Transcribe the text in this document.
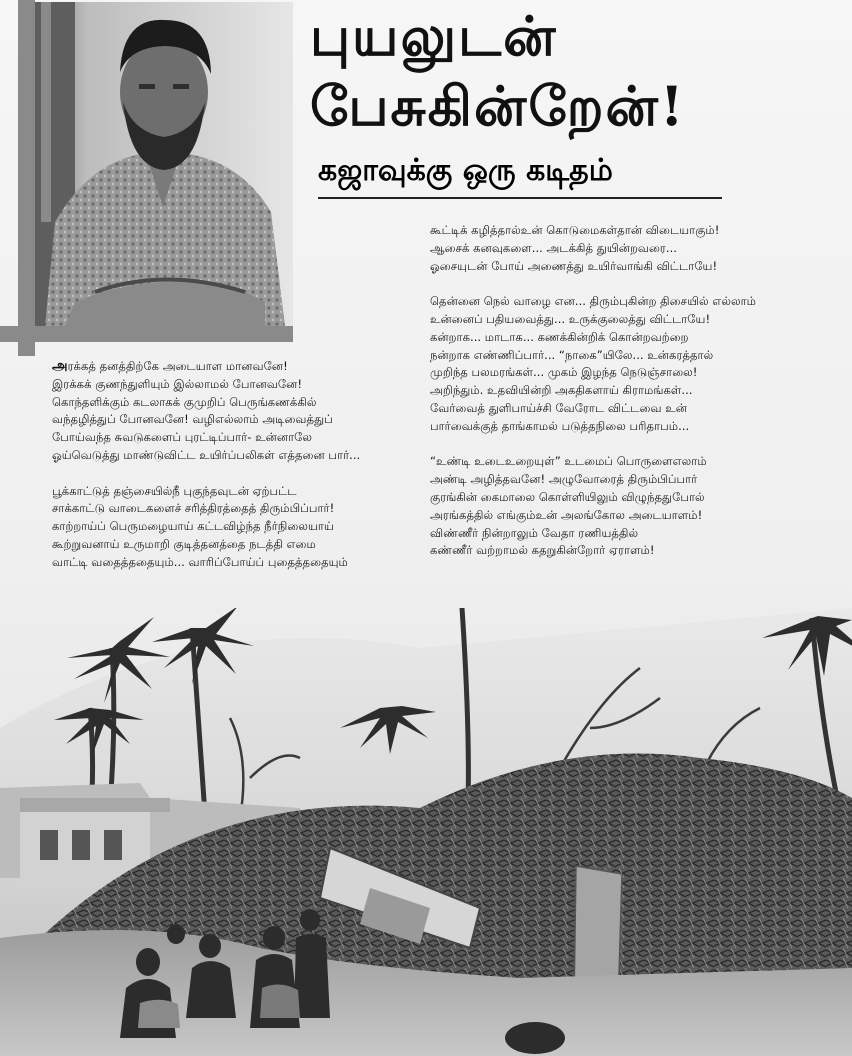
புயலுடன்
பேசுகின்றேன்!
கஜாவுக்கு ஒரு கடிதம்

அரக்கத் தனத்திற்கே அடையாள மானவனே!

இரக்கக் குணந்துளியும் இல்லாமல் போனவனே!

கொந்தளிக்கும் கடலாகக் குமுறிப் பெருங்கணக்கில்

வந்தழித்துப் போனவனே! வழிஎல்லாம் அடிவைத்துப்

போய்வந்த சுவடுகளைப் புரட்டிப்பார்- உன்னாலே

ஓய்வெடுத்து மாண்டுவிட்ட உயிர்ப்பலிகள் எத்தனை பார்...

பூக்காட்டுத் தஞ்சையில்நீ புகுந்தவுடன் ஏற்பட்ட

சாக்காட்டு வாடைகளைச் சரித்திரத்தைத் திரும்பிப்பார்!

காற்றாய்ப் பெருமழையாய் கட்டவிழ்ந்த நீர்நிலையாய்

கூற்றுவனாய் உருமாறி குடித்தனத்தை நடத்தி எமை

வாட்டி வதைத்ததையும்... வாரிப்போய்ப் புதைத்ததையும்

கூட்டிக் கழித்தால்உன் கொடுமைகள்தான் விடையாகும்!

ஆசைக் கனவுகளை... அடக்கித் துயின்றவரை...

ஓசையுடன் போய் அணைத்து உயிர்வாங்கி விட்டாயே!

தென்னை நெல் வாழை என... திரும்புகின்ற திசையில் எல்லாம்

உன்னைப் பதியவைத்து... உருக்குலைத்து விட்டாயே!

கன்றாக... மாடாக... கணக்கின்றிக் கொன்றவற்றை

நன்றாக எண்ணிப்பார்... “நாகை”யிலே... உன்கரத்தால்

முறிந்த பலமரங்கள்... முகம் இழந்த நெடுஞ்சாலை!

அறிந்தும். உதவியின்றி அகதிகளாய் கிராமங்கள்...

வேர்வைத் துளிபாய்ச்சி வேரோட விட்டவை உன்

பார்வைக்குத் தாங்காமல் படுத்தநிலை பரிதாபம்...

“உண்டி உடைஉறையுள்” உடமைப் பொருளைஎலாம்

அண்டி அழித்தவனே! அழுவோரைத் திரும்பிப்பார்

குரங்கின் கைமாலை கொள்ளியிலும் விழுந்ததுபோல்

அரங்கத்தில் எங்கும்உன் அலங்கோல அடையாளம்!

விண்ணீர் நின்றாலும் வேதா ரணியத்தில்

கண்ணீர் வற்றாமல் கதறுகின்றோர் ஏராளம்!
